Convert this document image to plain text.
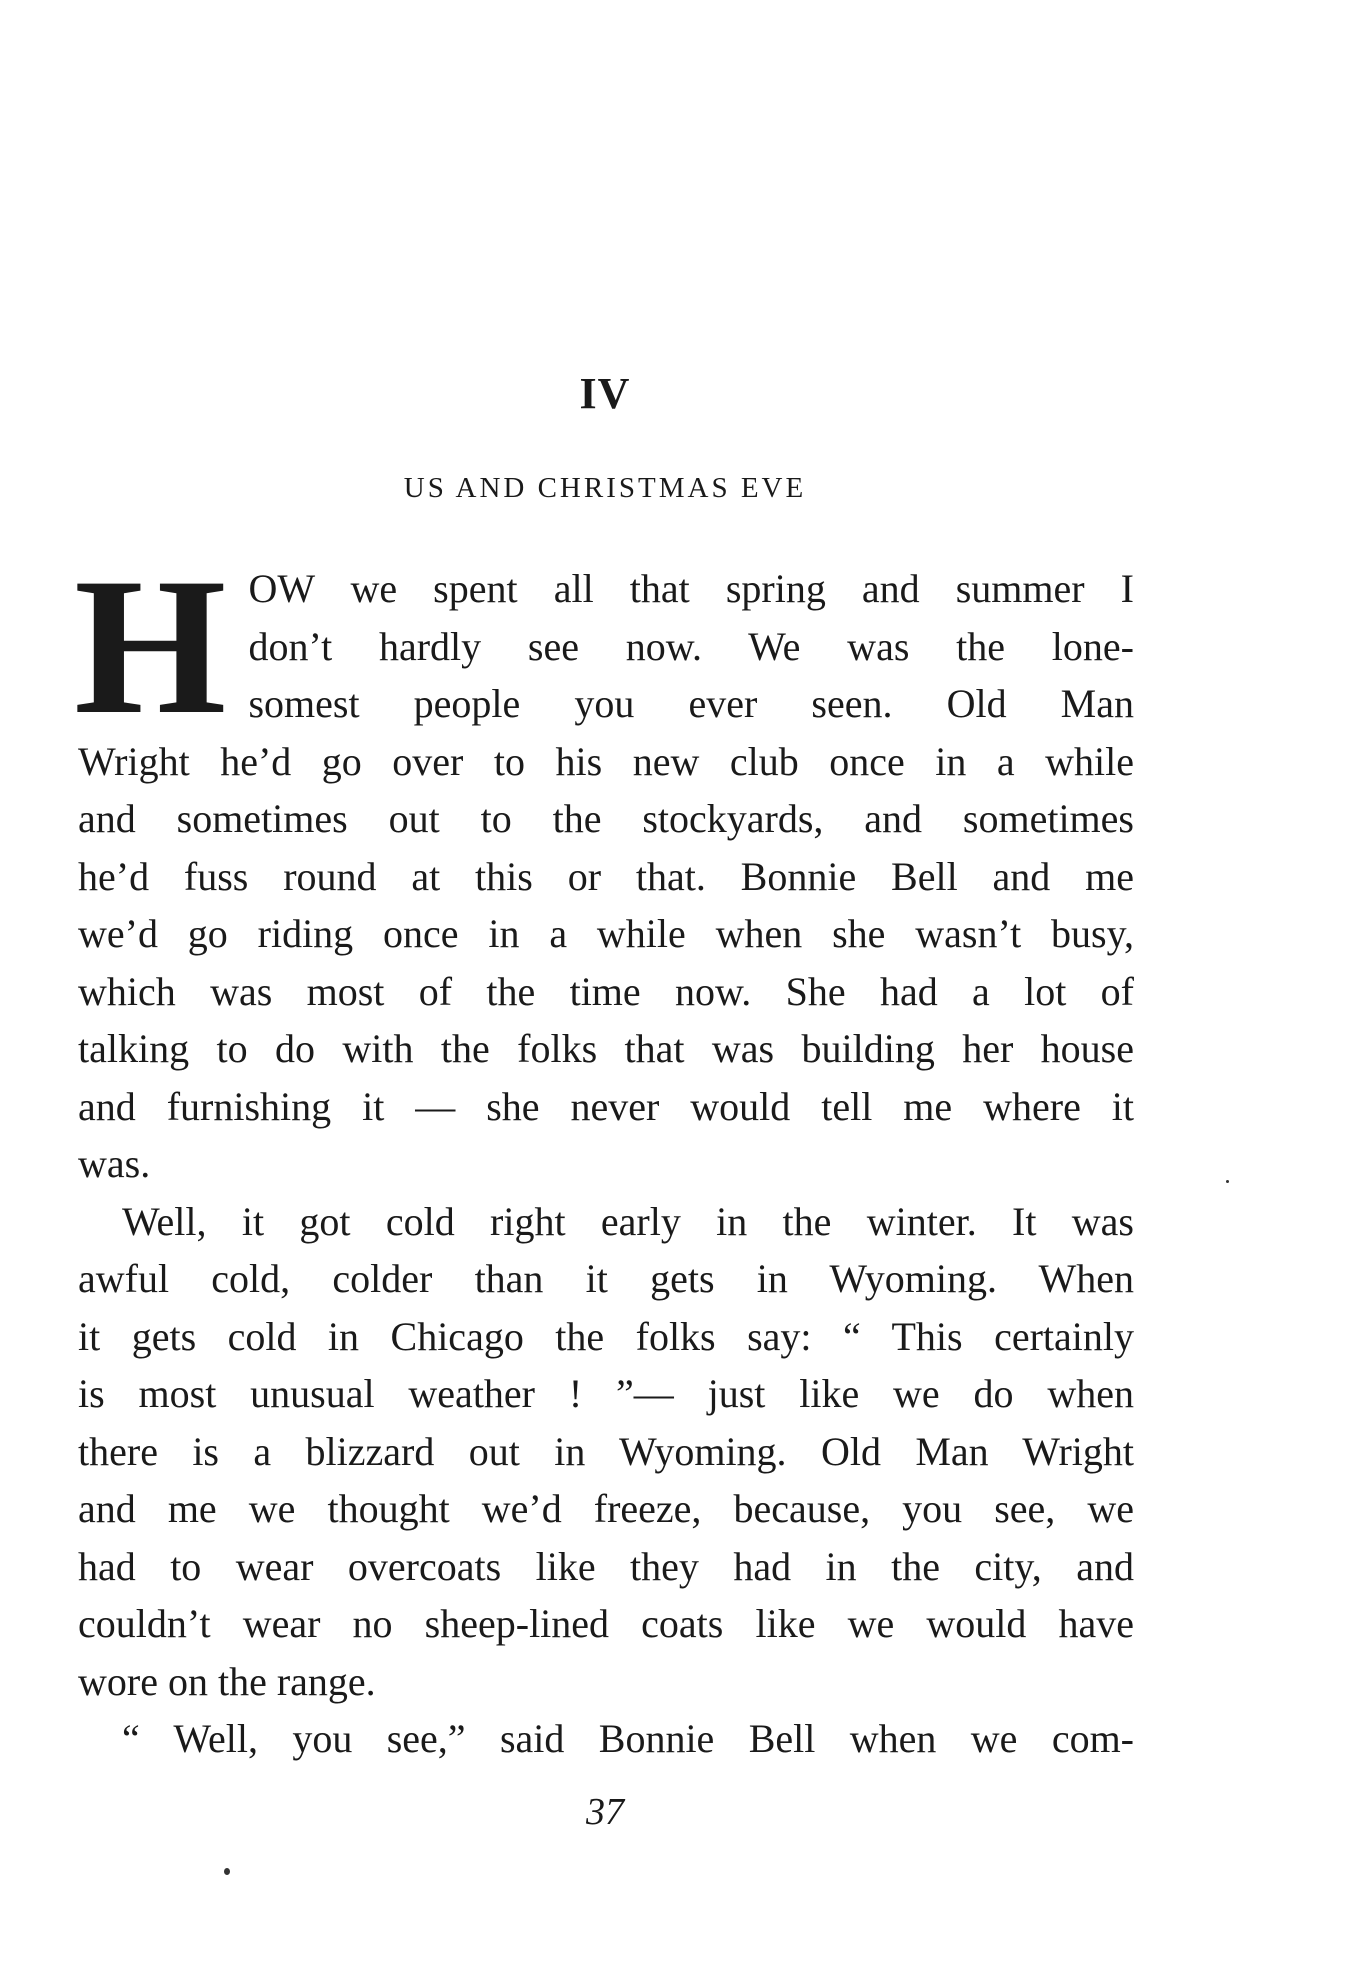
IV
US AND CHRISTMAS EVE
H OW we spent all that spring and summer I
don’t hardly see now. We was the lone-
somest people you ever seen. Old Man
Wright he’d go over to his new club once in a while
and sometimes out to the stockyards, and sometimes
he’d fuss round at this or that. Bonnie Bell and me
we’d go riding once in a while when she wasn’t busy,
which was most of the time now. She had a lot of
talking to do with the folks that was building her house
and furnishing it — she never would tell me where it
was.
Well, it got cold right early in the winter. It was
awful cold, colder than it gets in Wyoming. When
it gets cold in Chicago the folks say: “ This certainly
is most unusual weather ! ”— just like we do when
there is a blizzard out in Wyoming. Old Man Wright
and me we thought we’d freeze, because, you see, we
had to wear overcoats like they had in the city, and
couldn’t wear no sheep-lined coats like we would have
wore on the range.
“ Well, you see,” said Bonnie Bell when we com-
37
